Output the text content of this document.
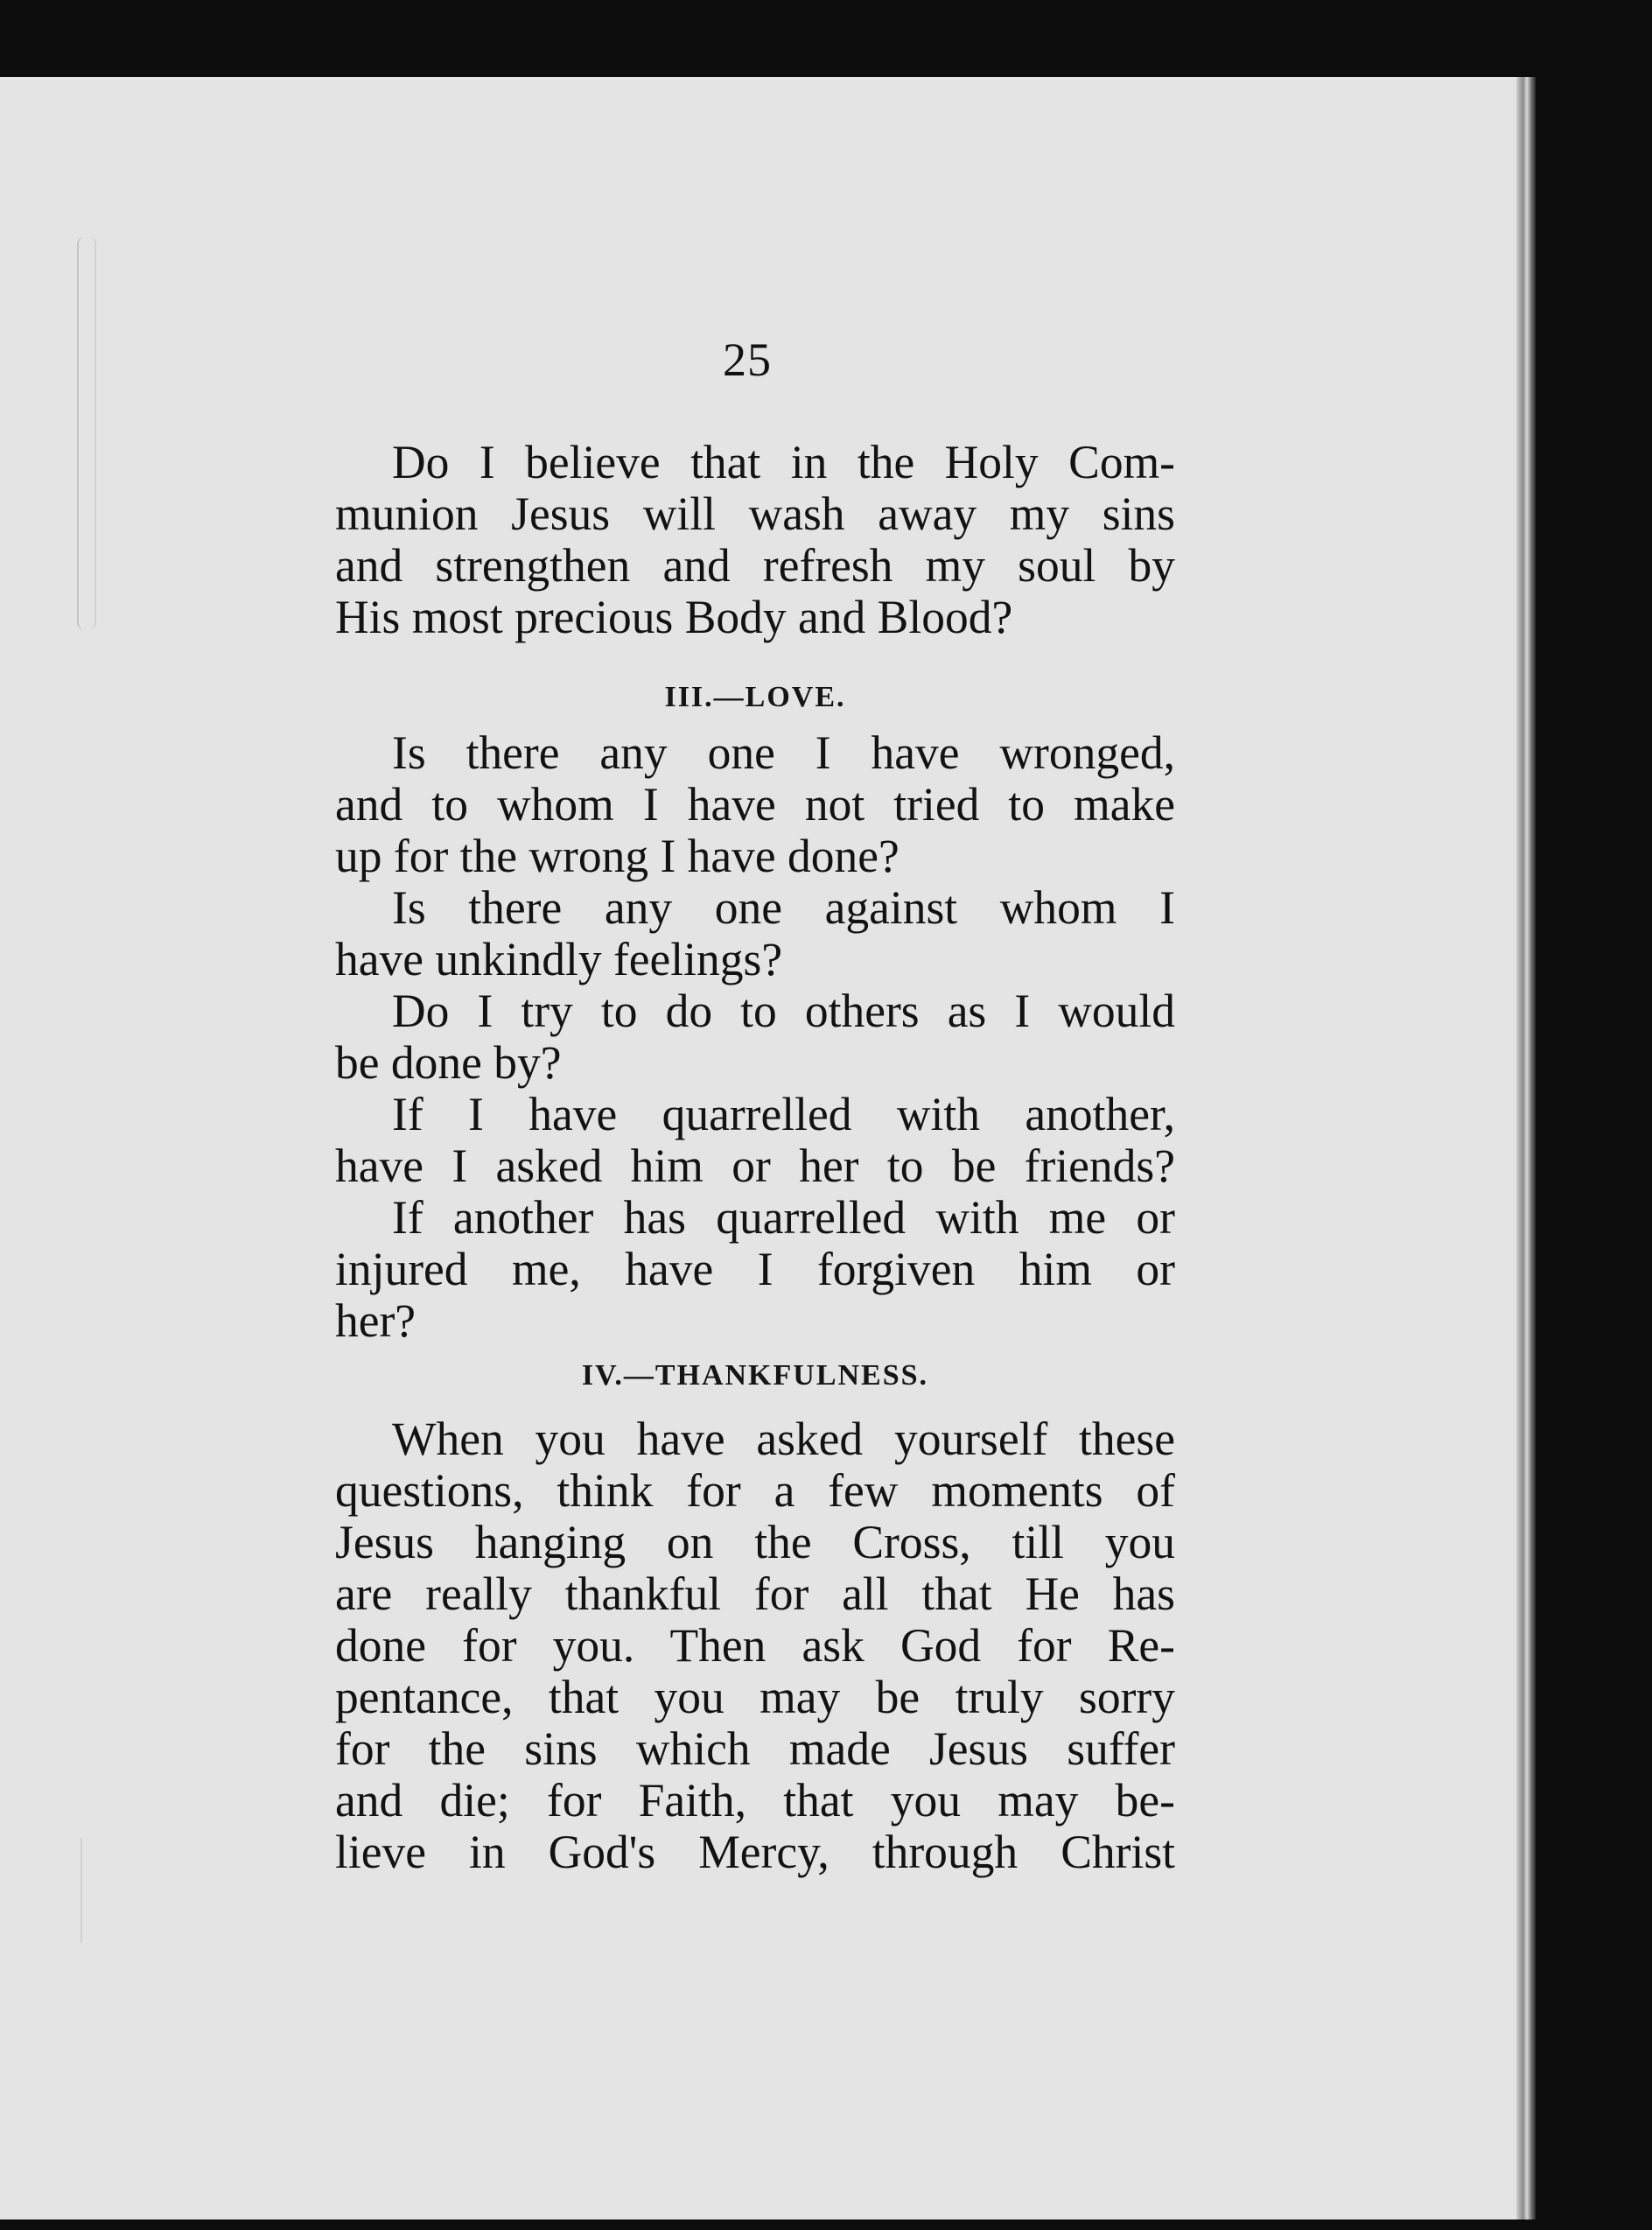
25
Do I believe that in the Holy Com-
munion Jesus will wash away my sins
and strengthen and refresh my soul by
His most precious Body and Blood?
III.—LOVE.
Is there any one I have wronged,
and to whom I have not tried to make
up for the wrong I have done?
Is there any one against whom I
have unkindly feelings?
Do I try to do to others as I would
be done by?
If I have quarrelled with another,
have I asked him or her to be friends?
If another has quarrelled with me or
injured me, have I forgiven him or
her?
IV.—THANKFULNESS.
When you have asked yourself these
questions, think for a few moments of
Jesus hanging on the Cross, till you
are really thankful for all that He has
done for you. Then ask God for Re-
pentance, that you may be truly sorry
for the sins which made Jesus suffer
and die; for Faith, that you may be-
lieve in God's Mercy, through Christ
